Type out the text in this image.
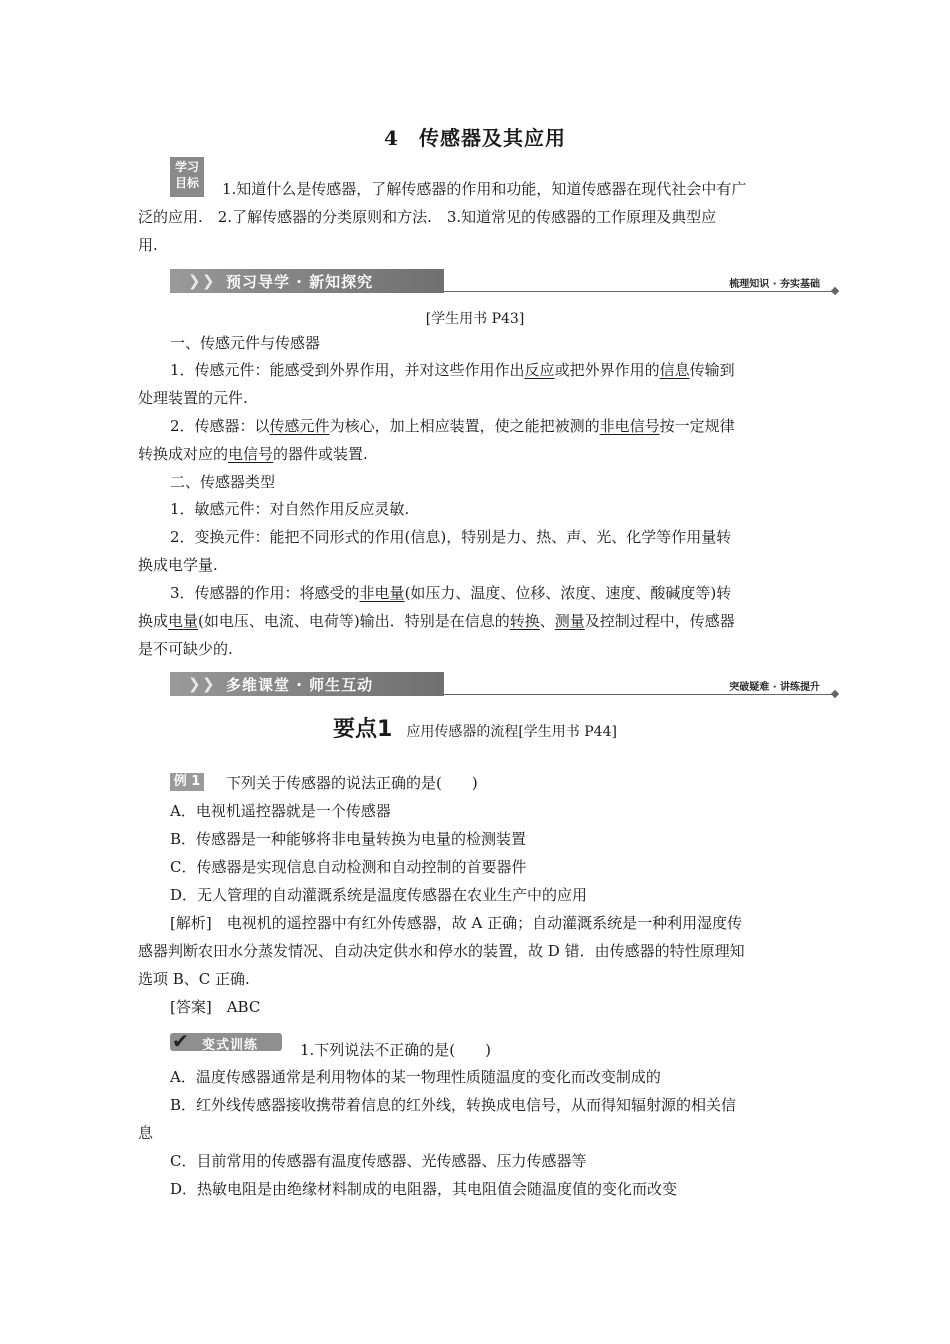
4 传感器及其应用
学习
目标	1.知道什么是传感器，了解传感器的作用和功能，知道传感器在现代社会中有广
泛的应用.　2.了解传感器的分类原则和方法.　3.知道常见的传感器的工作原理及典型应
用.
❯ ❯ 预习导学 · 新知探究	梳理知识 · 夯实基础
[学生用书 P43]
一、传感元件与传感器
1．传感元件：能感受到外界作用，并对这些作用作出反应或把外界作用的信息传输到
处理装置的元件.
2．传感器：以传感元件为核心，加上相应装置，使之能把被测的非电信号按一定规律
转换成对应的电信号的器件或装置.
二、传感器类型
1．敏感元件：对自然作用反应灵敏.
2．变换元件：能把不同形式的作用(信息)，特别是力、热、声、光、化学等作用量转
换成电学量.
3．传感器的作用：将感受的非电量(如压力、温度、位移、浓度、速度、酸碱度等)转
换成电量(如电压、电流、电荷等)输出．特别是在信息的转换、测量及控制过程中，传感器
是不可缺少的.
❯ ❯ 多维课堂 · 师生互动	突破疑难 · 讲练提升
要点1 应用传感器的流程[学生用书 P44]
例 1 下列关于传感器的说法正确的是(　　)
A．电视机遥控器就是一个传感器
B．传感器是一种能够将非电量转换为电量的检测装置
C．传感器是实现信息自动检测和自动控制的首要器件
D．无人管理的自动灌溉系统是温度传感器在农业生产中的应用
[解析]　电视机的遥控器中有红外传感器，故 A 正确；自动灌溉系统是一种利用湿度传
感器判断农田水分蒸发情况、自动决定供水和停水的装置，故 D 错．由传感器的特性原理知
选项 B、C 正确.
[答案]　ABC
✔ 变式训练	1.下列说法不正确的是(　　)
A．温度传感器通常是利用物体的某一物理性质随温度的变化而改变制成的
B．红外线传感器接收携带着信息的红外线，转换成电信号，从而得知辐射源的相关信
息
C．目前常用的传感器有温度传感器、光传感器、压力传感器等
D．热敏电阻是由绝缘材料制成的电阻器，其电阻值会随温度值的变化而改变
